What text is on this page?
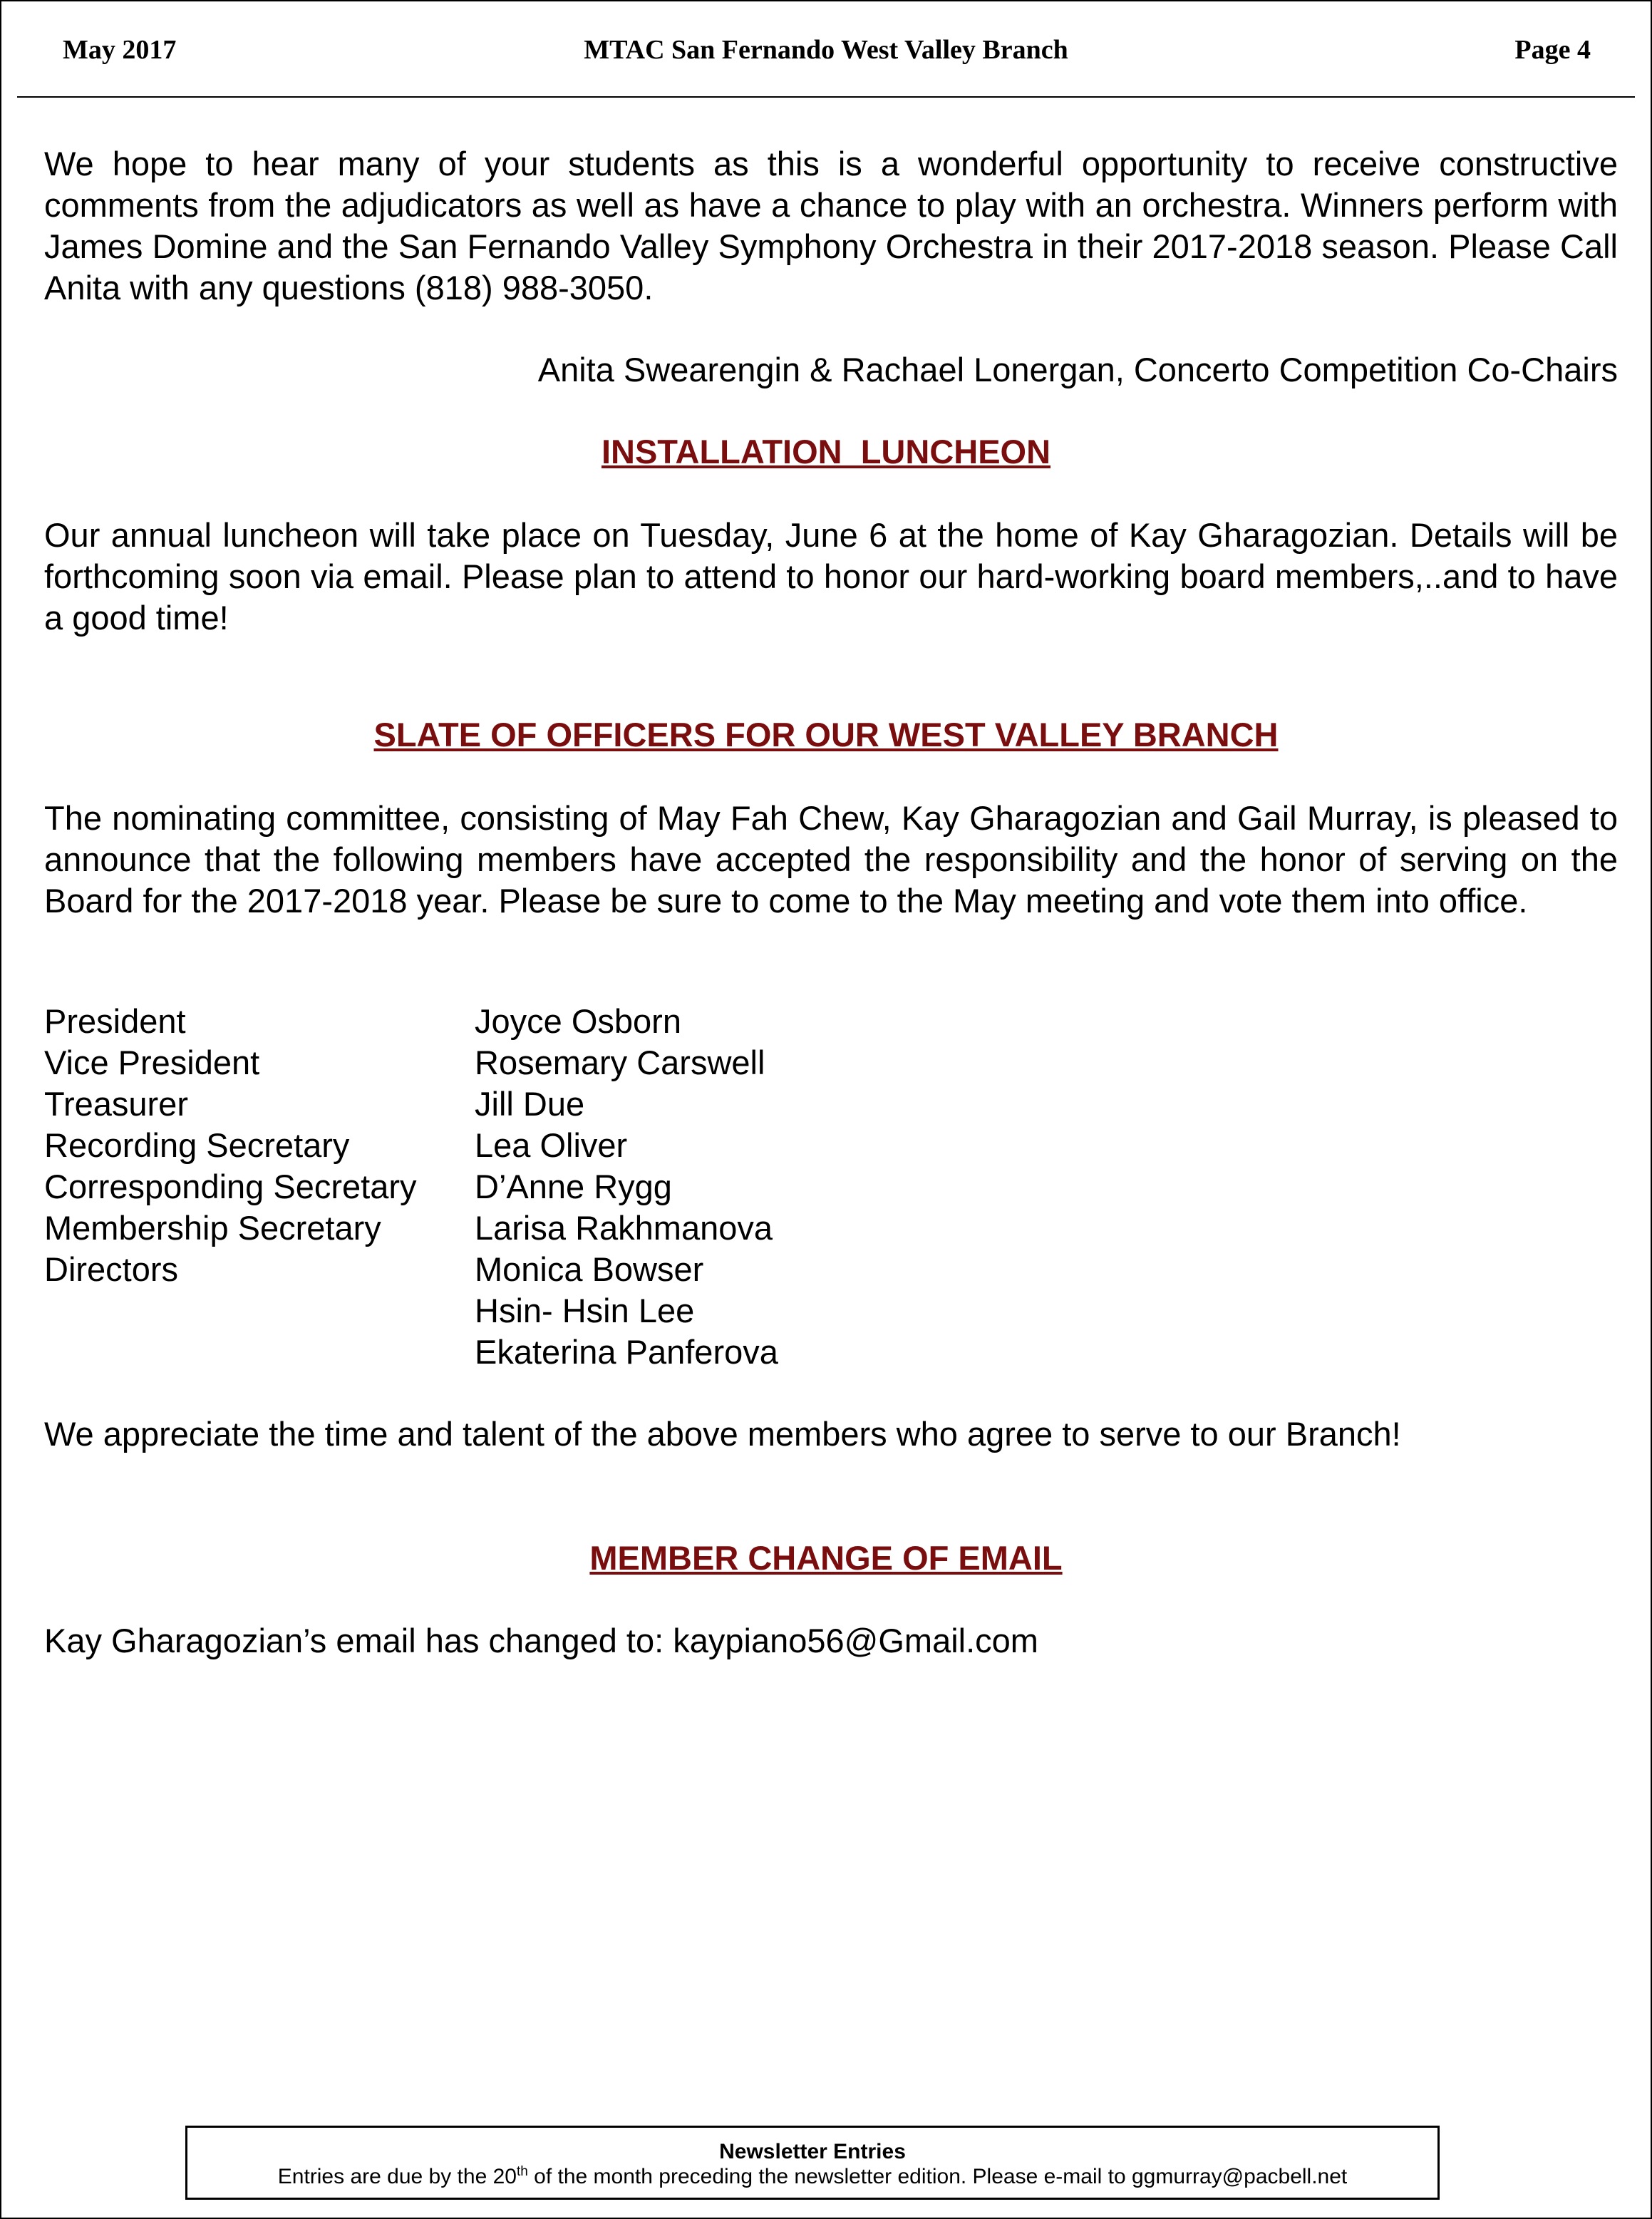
MTAC San Fernando West Valley Branch
May 2017	Page 4
We hope to hear many of your students as this is a wonderful opportunity to receive constructive comments from the adjudicators as well as have a chance to play with an orchestra. Winners perform with James Domine and the San Fernando Valley Symphony Orchestra in their 2017-2018 season. Please Call Anita with any questions (818) 988-3050.
Anita Swearengin & Rachael Lonergan, Concerto Competition Co-Chairs
INSTALLATION  LUNCHEON
Our annual luncheon will take place on Tuesday, June 6 at the home of Kay Gharagozian. Details will be forthcoming soon via email. Please plan to attend to honor our hard-working board members,..and to have a good time!
SLATE OF OFFICERS FOR OUR WEST VALLEY BRANCH
The nominating committee, consisting of May Fah Chew, Kay Gharagozian and Gail Murray, is pleased to announce that the following members have accepted the responsibility and the honor of serving on the Board for the 2017-2018 year. Please be sure to come to the May meeting and vote them into office.
President	Joyce Osborn
Vice President	Rosemary Carswell
Treasurer	Jill Due
Recording Secretary	Lea Oliver
Corresponding Secretary	D’Anne Rygg
Membership Secretary	Larisa Rakhmanova
Directors	Monica Bowser
Hsin- Hsin Lee
Ekaterina Panferova
We appreciate the time and talent of the above members who agree to serve to our Branch!
MEMBER CHANGE OF EMAIL
Kay Gharagozian’s email has changed to: kaypiano56@Gmail.com
Newsletter Entries
Entries are due by the 20th of the month preceding the newsletter edition. Please e-mail to ggmurray@pacbell.net
